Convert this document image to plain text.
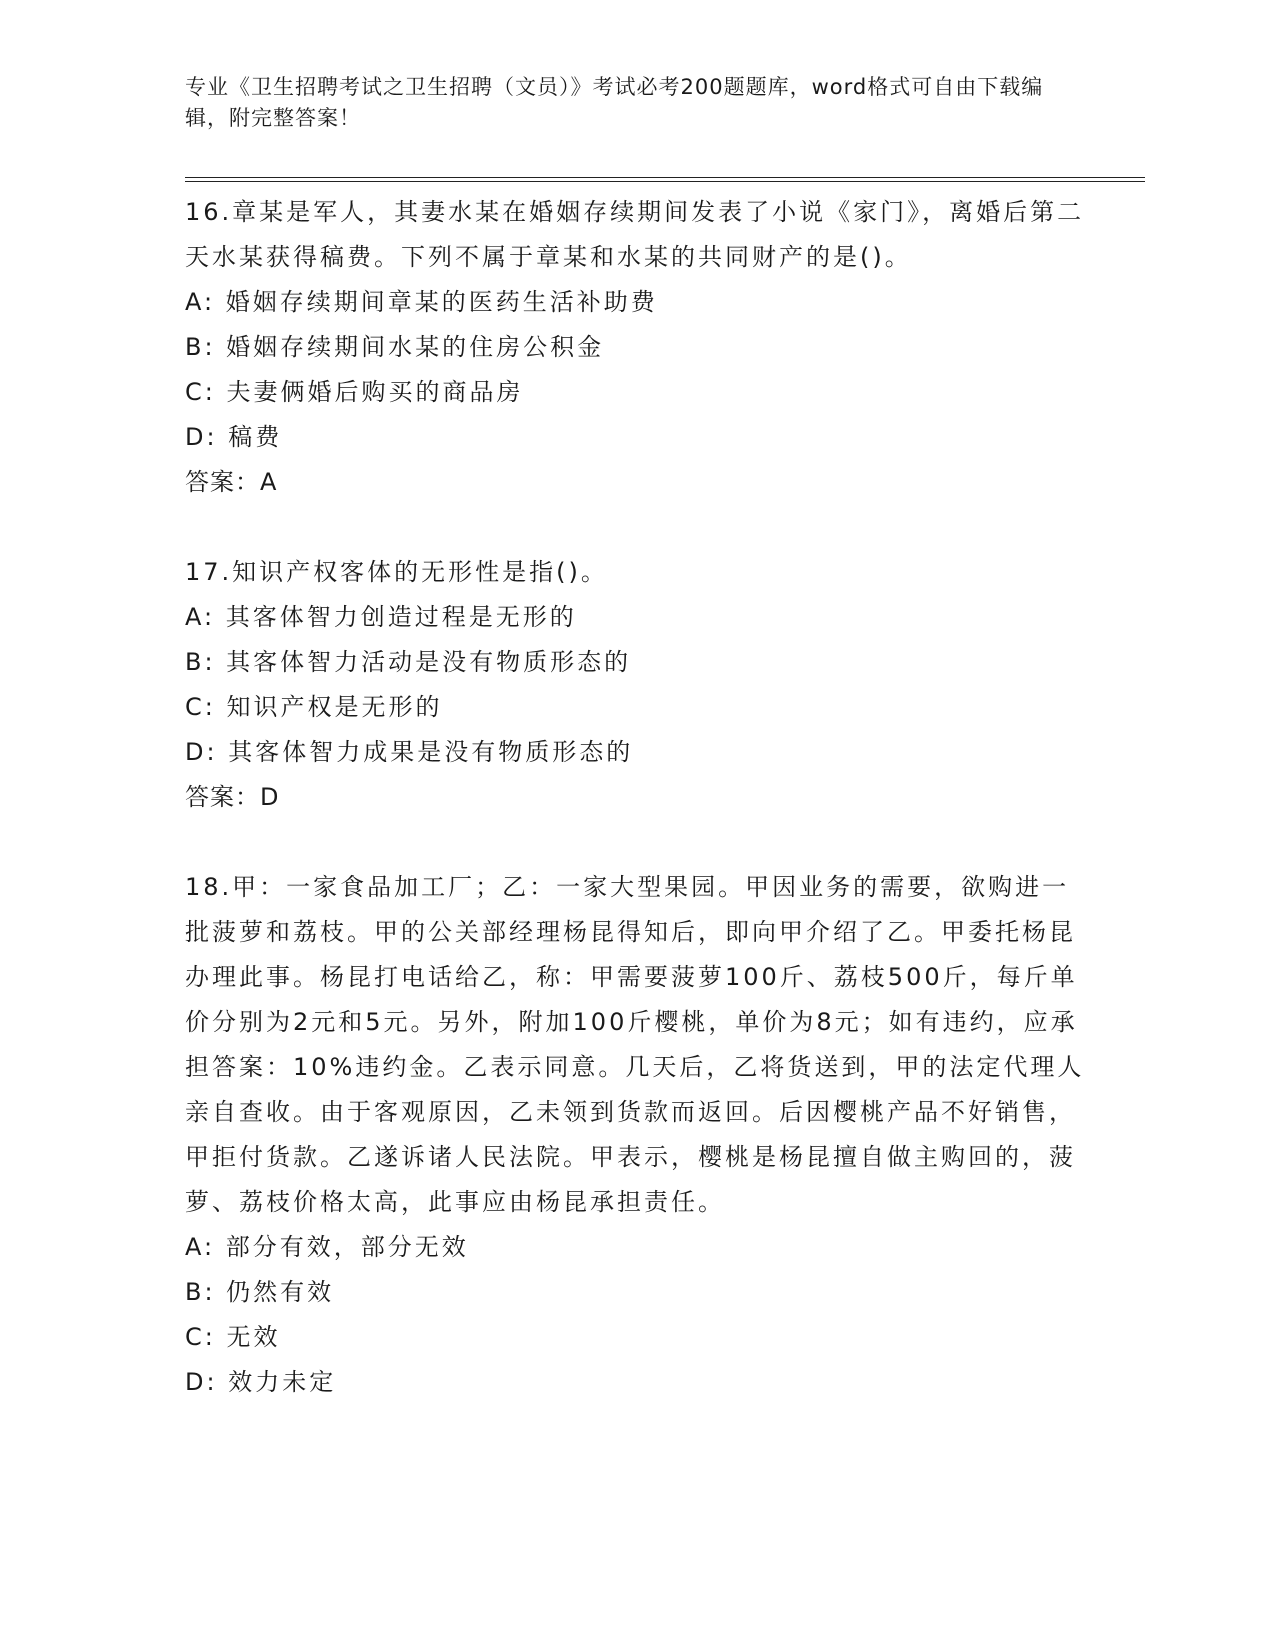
专业《卫生招聘考试之卫生招聘（文员）》考试必考200题题库，word格式可自由下载编辑，附完整答案！
16.章某是军人，其妻水某在婚姻存续期间发表了小说《家门》，离婚后第二天水某获得稿费。下列不属于章某和水某的共同财产的是()。
A: 婚姻存续期间章某的医药生活补助费
B: 婚姻存续期间水某的住房公积金
C: 夫妻俩婚后购买的商品房
D: 稿费
答案：A
17.知识产权客体的无形性是指()。
A: 其客体智力创造过程是无形的
B: 其客体智力活动是没有物质形态的
C: 知识产权是无形的
D: 其客体智力成果是没有物质形态的
答案：D
18.甲：一家食品加工厂；乙：一家大型果园。甲因业务的需要，欲购进一批菠萝和荔枝。甲的公关部经理杨昆得知后，即向甲介绍了乙。甲委托杨昆办理此事。杨昆打电话给乙，称：甲需要菠萝100斤、荔枝500斤，每斤单价分别为2元和5元。另外，附加100斤樱桃，单价为8元；如有违约，应承担答案：10%违约金。乙表示同意。几天后，乙将货送到，甲的法定代理人亲自查收。由于客观原因，乙未领到货款而返回。后因樱桃产品不好销售，甲拒付货款。乙遂诉诸人民法院。甲表示，樱桃是杨昆擅自做主购回的，菠萝、荔枝价格太高，此事应由杨昆承担责任。
A: 部分有效，部分无效
B: 仍然有效
C: 无效
D: 效力未定
